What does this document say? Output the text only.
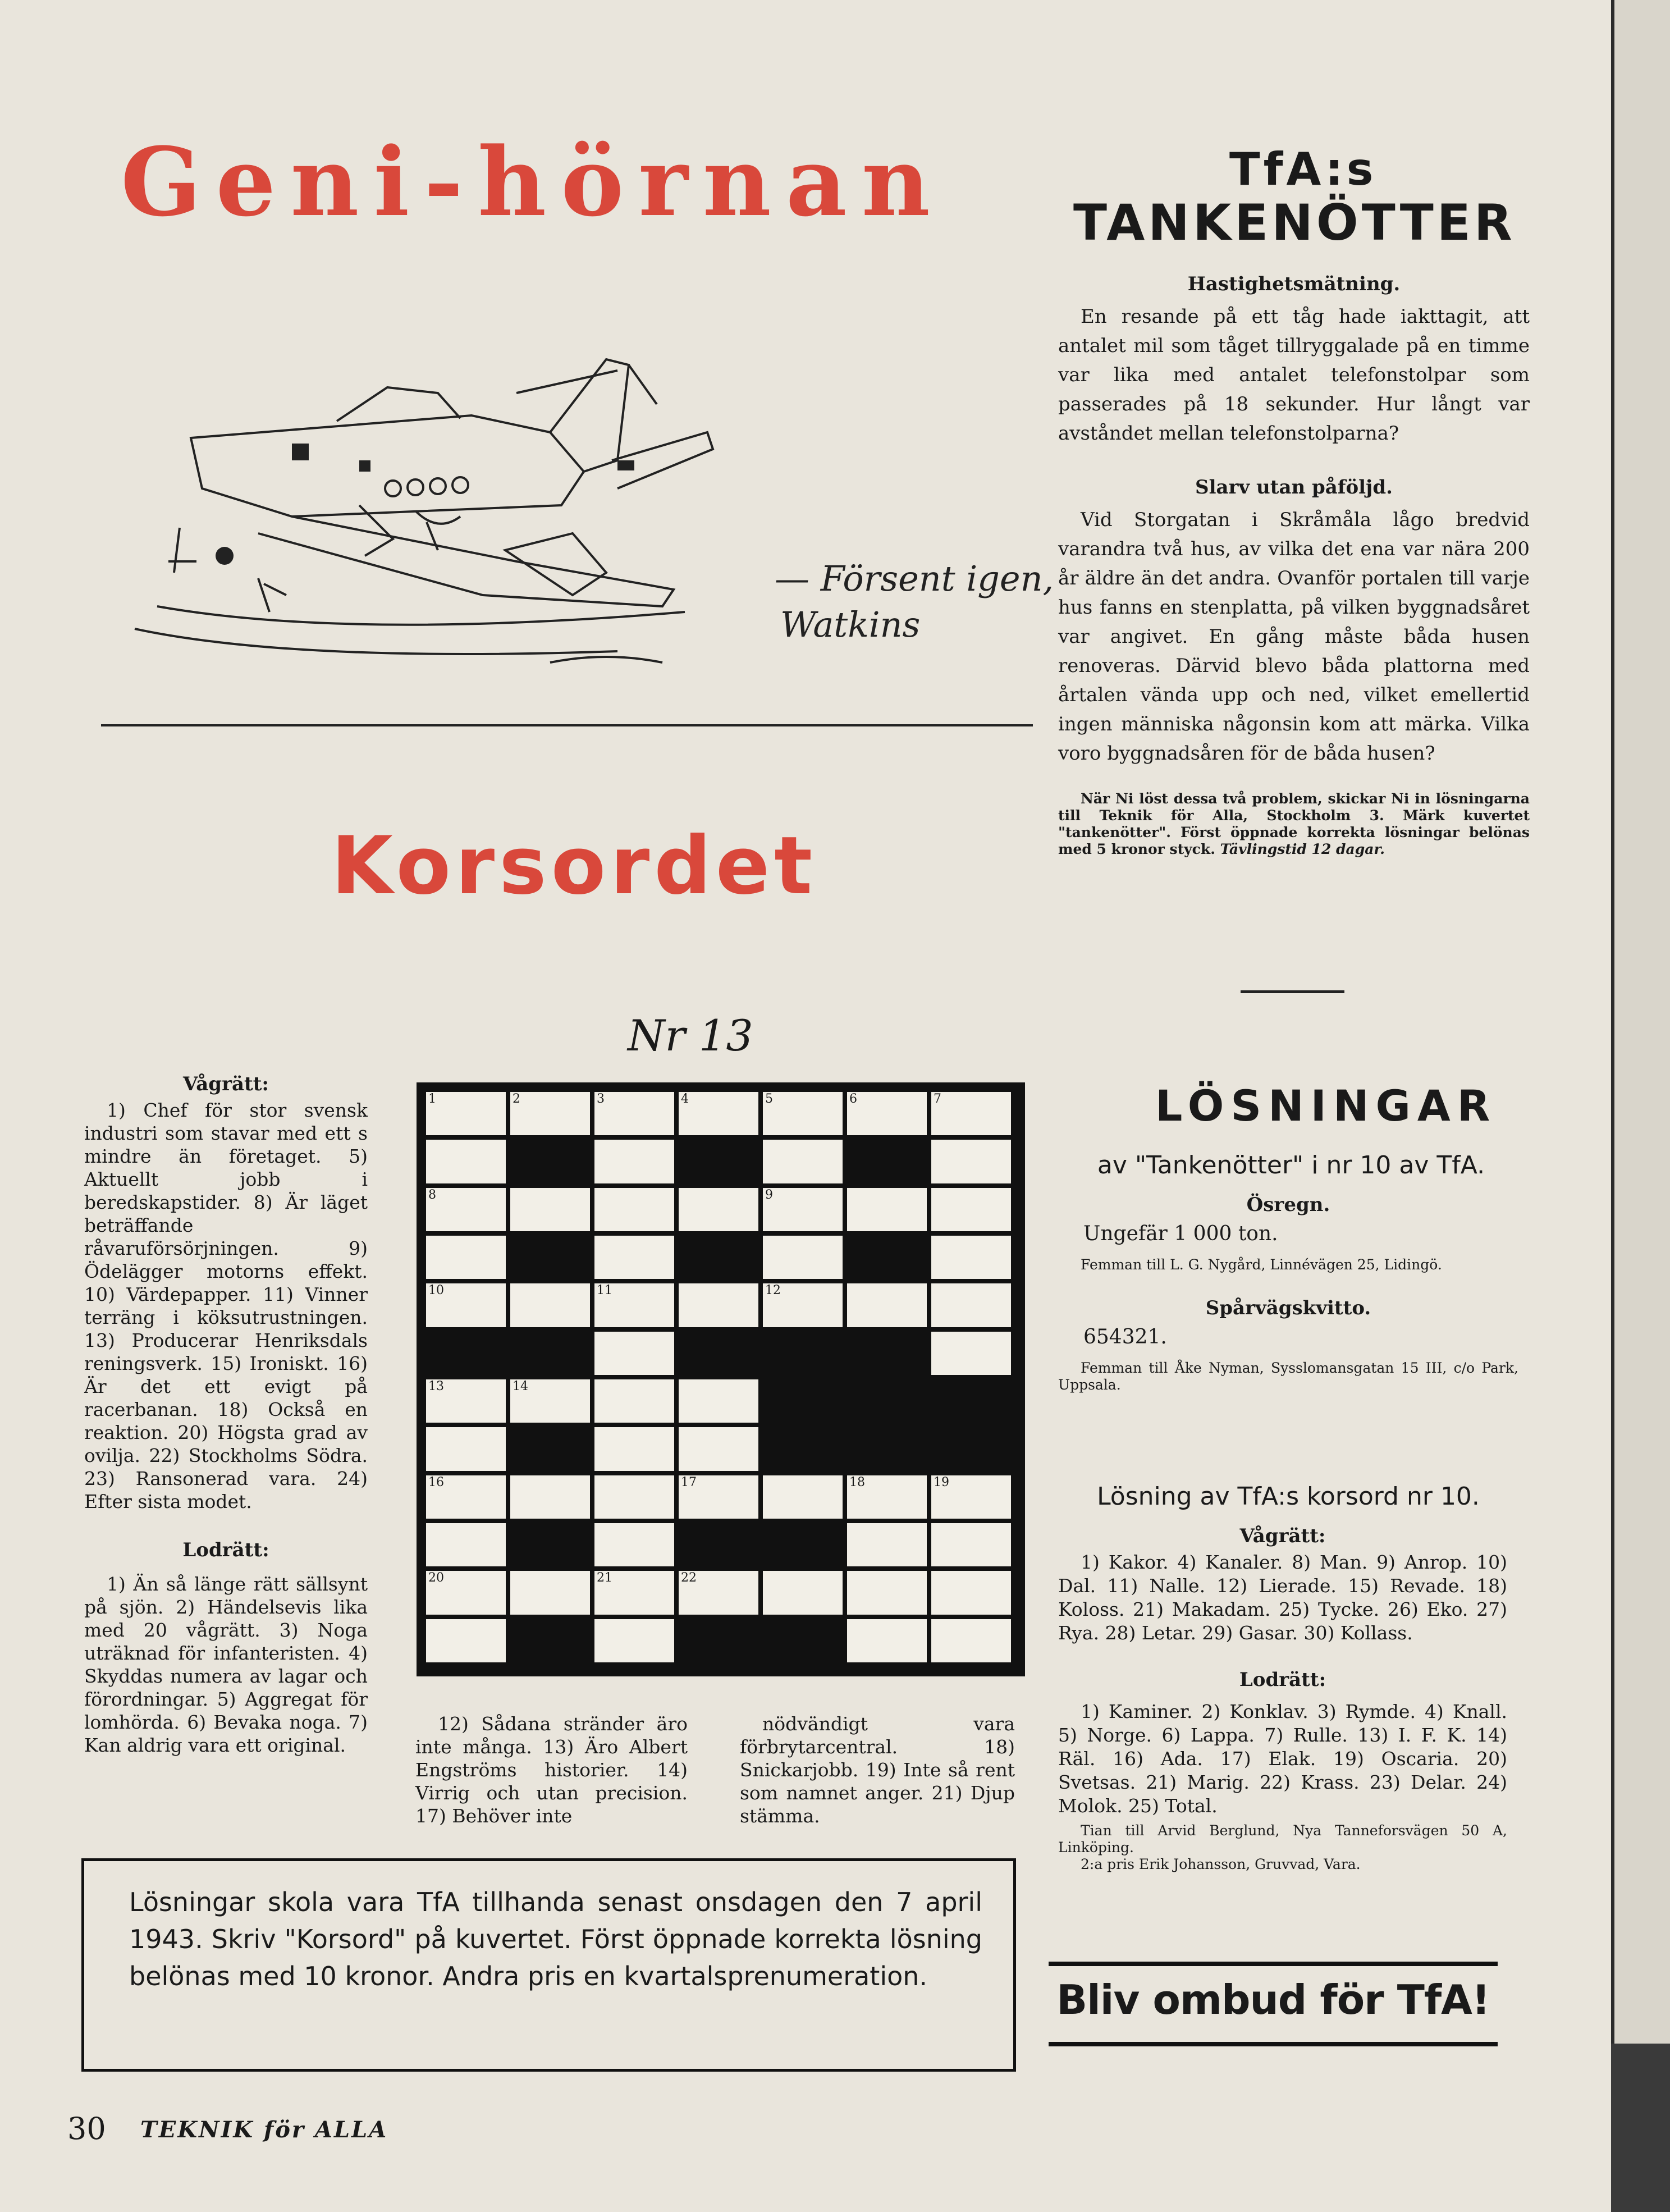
Geni-hörnan	TfA:s
TANKENÖTTER
— Försent igen,
Watkins
Hastighetsmätning.
En resande på ett tåg hade iakttagit, att antalet mil som tåget tillryggalade på en timme var lika med antalet telefonstolpar som passerades på 18 sekunder. Hur långt var avståndet mellan telefonstolparna?
Slarv utan påföljd.
Vid Storgatan i Skråmåla lågo bredvid varandra två hus, av vilka det ena var nära 200 år äldre än det andra. Ovanför portalen till varje hus fanns en stenplatta, på vilken byggnadsåret var angivet. En gång måste båda husen renoveras. Därvid blevo båda plattorna med årtalen vända upp och ned, vilket emellertid ingen människa någonsin kom att märka. Vilka voro byggnadsåren för de båda husen?
När Ni löst dessa två problem, skickar Ni in lösningarna till Teknik för Alla, Stockholm 3. Märk kuvertet "tankenötter". Först öppnade korrekta lösningar belönas med 5 kronor styck. Tävlingstid 12 dagar.
Korsordet
Nr 13
Vågrätt:
1) Chef för stor svensk industri som stavar med ett s mindre än företaget. 5) Aktuellt jobb i beredskapstider. 8) Är läget beträffande råvaruförsörjningen. 9) Ödelägger motorns effekt. 10) Värdepapper. 11) Vinner terräng i köksutrustningen. 13) Producerar Henriksdals reningsverk. 15) Ironiskt. 16) Är det ett evigt på racerbanan. 18) Också en reaktion. 20) Högsta grad av ovilja. 22) Stockholms Södra. 23) Ransonerad vara. 24) Efter sista modet.
Lodrätt:
1) Än så länge rätt sällsynt på sjön. 2) Händelsevis lika med 20 vågrätt. 3) Noga uträknad för infanteristen. 4) Skyddas numera av lagar och förordningar. 5) Aggregat för lomhörda. 6) Bevaka noga. 7) Kan aldrig vara ett original.
1	2	3	4	5	6	7
8	9
10	11	12
13	14
16	17	18	19
20	21	22
12) Sådana stränder äro inte många. 13) Äro Albert Engströms historier. 14) Virrig och utan precision. 17) Behöver inte
nödvändigt vara förbrytarcentral. 18) Snickarjobb. 19) Inte så rent som namnet anger. 21) Djup stämma.
Lösningar skola vara TfA tillhanda senast onsdagen den 7 april 1943. Skriv "Korsord" på kuvertet. Först öppnade korrekta lösning belönas med 10 kronor. Andra pris en kvartalsprenumeration.
LÖSNINGAR
av "Tankenötter" i nr 10 av TfA.
Ösregn.
Ungefär 1 000 ton.
Femman till L. G. Nygård, Linnévägen 25, Lidingö.
Spårvägskvitto.
654321.
Femman till Åke Nyman, Sysslomansgatan 15 III, c/o Park, Uppsala.
Lösning av TfA:s korsord nr 10.
Vågrätt:
1) Kakor. 4) Kanaler. 8) Man. 9) Anrop. 10) Dal. 11) Nalle. 12) Lierade. 15) Revade. 18) Koloss. 21) Makadam. 25) Tycke. 26) Eko. 27) Rya. 28) Letar. 29) Gasar. 30) Kollass.
Lodrätt:
1) Kaminer. 2) Konklav. 3) Rymde. 4) Knall. 5) Norge. 6) Lappa. 7) Rulle. 13) I. F. K. 14) Räl. 16) Ada. 17) Elak. 19) Oscaria. 20) Svetsas. 21) Marig. 22) Krass. 23) Delar. 24) Molok. 25) Total.
Tian till Arvid Berglund, Nya Tanneforsvägen 50 A, Linköping.
2:a pris Erik Johansson, Gruvvad, Vara.
Bliv ombud för TfA!
30 TEKNIK för ALLA
